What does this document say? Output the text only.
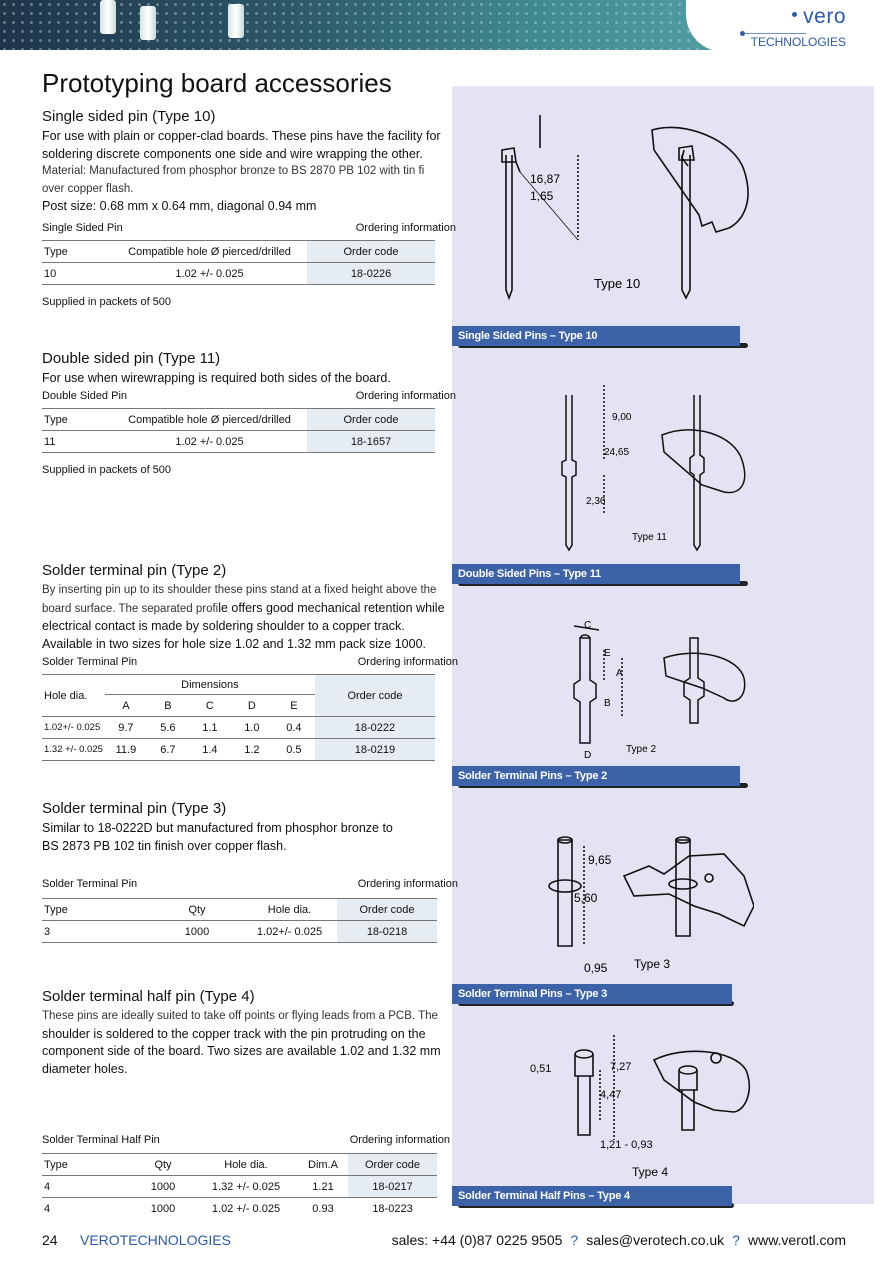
vero
TECHNOLOGIES
Prototyping board accessories
Single sided pin (Type 10)
For use with plain or copper-clad boards. These pins have the facility for
soldering discrete components one side and wire wrapping the other.
Material: Manufactured from phosphor bronze to BS 2870 PB 102 with tin fi
over copper flash.
Post size: 0.68 mm x 0.64 mm, diagonal 0.94 mm
Single Sided Pin	Ordering information
Type	Compatible hole Ø pierced/drilled	Order code
10	1.02 +/- 0.025	18-0226
Supplied in packets of 500
16,87
1,65
Type 10
Single Sided Pins – Type 10
Double sided pin (Type 11)
For use when wirewrapping is required both sides of the board.
Double Sided Pin	Ordering information
Type	Compatible hole Ø pierced/drilled	Order code
11	1.02 +/- 0.025	18-1657
Supplied in packets of 500
9,00
24,65
2,36
Type 11
Double Sided Pins – Type 11
Solder terminal pin (Type 2)
By inserting pin up to its shoulder these pins stand at a fixed height above the
board surface. The separated profile offers good mechanical retention while
electrical contact is made by soldering shoulder to a copper track.
Available in two sizes for hole size 1.02 and 1.32 mm pack size 1000.
Solder Terminal Pin	Ordering information
Hole dia.	Dimensions					Order code
	A	B	C	D	E	
1.02+/- 0.025	9.7	5.6	1.1	1.0	0.4	18-0222
1.32 +/- 0.025	11.9	6.7	1.4	1.2	0.5	18-0219
C
E
A
B
D
Type 2
Solder Terminal Pins – Type 2
Solder terminal pin (Type 3)
Similar to 18-0222D but manufactured from phosphor bronze to
BS 2873 PB 102 tin finish over copper flash.
Solder Terminal Pin	Ordering information
Type	Qty	Hole dia.	Order code
3	1000	1.02+/- 0.025	18-0218
9,65
5,60
0,95 Type 3
Solder Terminal Pins – Type 3
Solder terminal half pin (Type 4)
These pins are ideally suited to take off points or flying leads from a PCB. The
shoulder is soldered to the copper track with the pin protruding on the
component side of the board. Two sizes are available 1.02 and 1.32 mm
diameter holes.
Solder Terminal Half Pin	Ordering information
Type	Qty	Hole dia.	Dim.A	Order code
4	1000	1.32 +/- 0.025	1.21	18-0217
4	1000	1.02 +/- 0.025	0.93	18-0223
0,51	7,27
4,47
1,21 - 0,93
Type 4
Solder Terminal Half Pins – Type 4
24 VEROTECHNOLOGIES	sales: +44 (0)87 0225 9505 ? sales@verotech.co.uk ? www.verotl.com
